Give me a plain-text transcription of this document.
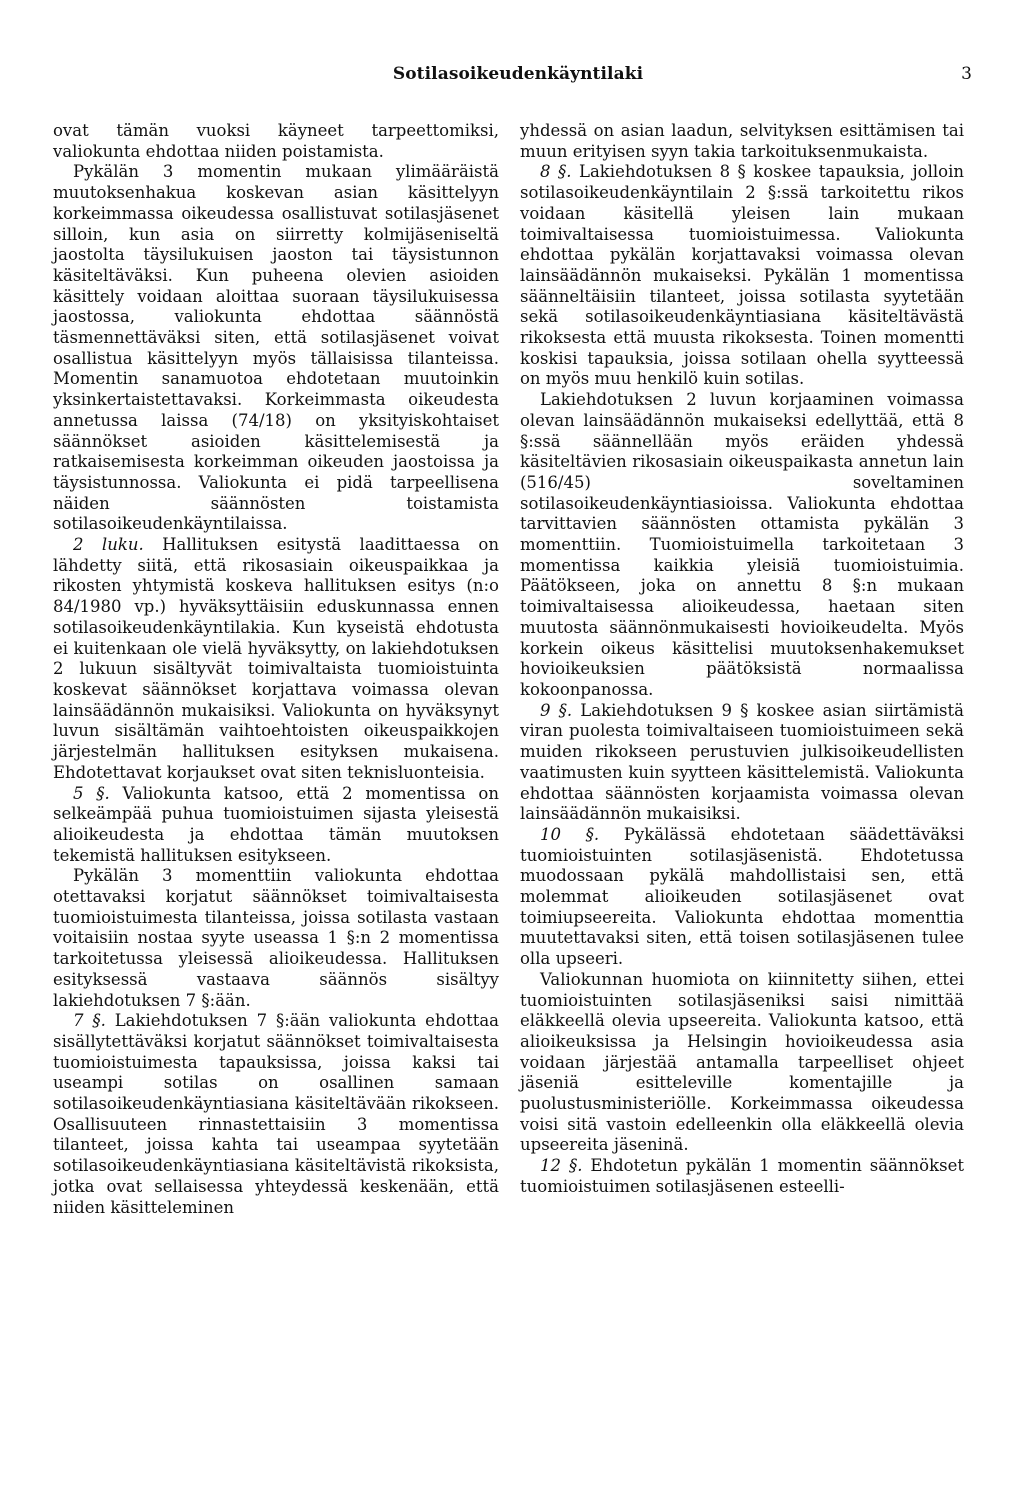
Sotilasoikeudenkäyntilaki	3

ovat tämän vuoksi käyneet tarpeettomiksi, valiokunta ehdottaa niiden poistamista.

Pykälän 3 momentin mukaan ylimääräistä muutoksenhakua koskevan asian käsittelyyn korkeimmassa oikeudessa osallistuvat sotilasjäsenet silloin, kun asia on siirretty kolmijäseniseltä jaostolta täysilukuisen jaoston tai täysistunnon käsiteltäväksi. Kun puheena olevien asioiden käsittely voidaan aloittaa suoraan täysilukuisessa jaostossa, valiokunta ehdottaa säännöstä täsmennettäväksi siten, että sotilasjäsenet voivat osallistua käsittelyyn myös tällaisissa tilanteissa. Momentin sanamuotoa ehdotetaan muutoinkin yksinkertaistettavaksi. Korkeimmasta oikeudesta annetussa laissa (74/18) on yksityiskohtaiset säännökset asioiden käsittelemisestä ja ratkaisemisesta korkeimman oikeuden jaostoissa ja täysistunnossa. Valiokunta ei pidä tarpeellisena näiden säännösten toistamista sotilasoikeudenkäyntilaissa.

2 luku. Hallituksen esitystä laadittaessa on lähdetty siitä, että rikosasiain oikeuspaikkaa ja rikosten yhtymistä koskeva hallituksen esitys (n:o 84/1980 vp.) hyväksyttäisiin eduskunnassa ennen sotilasoikeudenkäyntilakia. Kun kyseistä ehdotusta ei kuitenkaan ole vielä hyväksytty, on lakiehdotuksen 2 lukuun sisältyvät toimivaltaista tuomioistuinta koskevat säännökset korjattava voimassa olevan lainsäädännön mukaisiksi. Valiokunta on hyväksynyt luvun sisältämän vaihtoehtoisten oikeuspaikkojen järjestelmän hallituksen esityksen mukaisena. Ehdotettavat korjaukset ovat siten teknisluonteisia.

5 §. Valiokunta katsoo, että 2 momentissa on selkeämpää puhua tuomioistuimen sijasta yleisestä alioikeudesta ja ehdottaa tämän muutoksen tekemistä hallituksen esitykseen.

Pykälän 3 momenttiin valiokunta ehdottaa otettavaksi korjatut säännökset toimivaltaisesta tuomioistuimesta tilanteissa, joissa sotilasta vastaan voitaisiin nostaa syyte useassa 1 §:n 2 momentissa tarkoitetussa yleisessä alioikeudessa. Hallituksen esityksessä vastaava säännös sisältyy lakiehdotuksen 7 §:ään.

7 §. Lakiehdotuksen 7 §:ään valiokunta ehdottaa sisällytettäväksi korjatut säännökset toimivaltaisesta tuomioistuimesta tapauksissa, joissa kaksi tai useampi sotilas on osallinen samaan sotilasoikeudenkäyntiasiana käsiteltävään rikokseen. Osallisuuteen rinnastettaisiin 3 momentissa tilanteet, joissa kahta tai useampaa syytetään sotilasoikeudenkäyntiasiana käsiteltävistä rikoksista, jotka ovat sellaisessa yhteydessä keskenään, että niiden käsitteleminen

yhdessä on asian laadun, selvityksen esittämisen tai muun erityisen syyn takia tarkoituksenmukaista.

8 §. Lakiehdotuksen 8 § koskee tapauksia, jolloin sotilasoikeudenkäyntilain 2 §:ssä tarkoitettu rikos voidaan käsitellä yleisen lain mukaan toimivaltaisessa tuomioistuimessa. Valiokunta ehdottaa pykälän korjattavaksi voimassa olevan lainsäädännön mukaiseksi. Pykälän 1 momentissa säänneltäisiin tilanteet, joissa sotilasta syytetään sekä sotilasoikeudenkäyntiasiana käsiteltävästä rikoksesta että muusta rikoksesta. Toinen momentti koskisi tapauksia, joissa sotilaan ohella syytteessä on myös muu henkilö kuin sotilas.

Lakiehdotuksen 2 luvun korjaaminen voimassa olevan lainsäädännön mukaiseksi edellyttää, että 8 §:ssä säännellään myös eräiden yhdessä käsiteltävien rikosasiain oikeuspaikasta annetun lain (516/45) soveltaminen sotilasoikeudenkäyntiasioissa. Valiokunta ehdottaa tarvittavien säännösten ottamista pykälän 3 momenttiin. Tuomioistuimella tarkoitetaan 3 momentissa kaikkia yleisiä tuomioistuimia. Päätökseen, joka on annettu 8 §:n mukaan toimivaltaisessa alioikeudessa, haetaan siten muutosta säännönmukaisesti hovioikeudelta. Myös korkein oikeus käsittelisi muutoksenhakemukset hovioikeuksien päätöksistä normaalissa kokoonpanossa.

9 §. Lakiehdotuksen 9 § koskee asian siirtämistä viran puolesta toimivaltaiseen tuomioistuimeen sekä muiden rikokseen perustuvien julkisoikeudellisten vaatimusten kuin syytteen käsittelemistä. Valiokunta ehdottaa säännösten korjaamista voimassa olevan lainsäädännön mukaisiksi.

10 §. Pykälässä ehdotetaan säädettäväksi tuomioistuinten sotilasjäsenistä. Ehdotetussa muodossaan pykälä mahdollistaisi sen, että molemmat alioikeuden sotilasjäsenet ovat toimiupseereita. Valiokunta ehdottaa momenttia muutettavaksi siten, että toisen sotilasjäsenen tulee olla upseeri.

Valiokunnan huomiota on kiinnitetty siihen, ettei tuomioistuinten sotilasjäseniksi saisi nimittää eläkkeellä olevia upseereita. Valiokunta katsoo, että alioikeuksissa ja Helsingin hovioikeudessa asia voidaan järjestää antamalla tarpeelliset ohjeet jäseniä esitteleville komentajille ja puolustusministeriölle. Korkeimmassa oikeudessa voisi sitä vastoin edelleenkin olla eläkkeellä olevia upseereita jäseninä.

12 §. Ehdotetun pykälän 1 momentin säännökset tuomioistuimen sotilasjäsenen esteelli-
